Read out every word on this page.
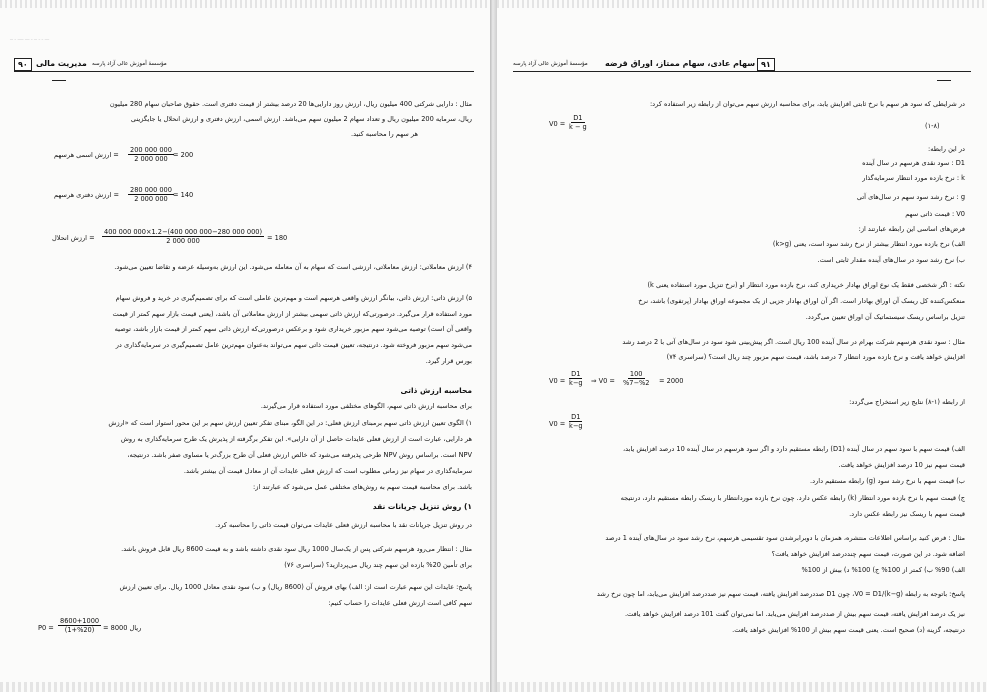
ـــ ـ ـ ــ ـ ـــ ــــ ـ ــ
۹۰	مدیریت مالی مؤسسهٔ آموزش عالی آزاد پارسه
مثال : دارایی شرکتی 400 میلیون ریال، ارزش روز دارایی‌ها 20 درصد بیشتر از قیمت دفتری است. حقوق صاحبان سهام 280 میلیون
ریال، سرمایه 200 میلیون ریال و تعداد سهام 2 میلیون سهم می‌باشد. ارزش اسمی، ارزش دفتری و ارزش انحلال یا جایگزینی
هر سهم را محاسبه کنید.
ارزش اسمی هرسهم = $\frac{200 000 000}{2 000 000} = 200$
ارزش دفتری هرسهم = $\frac{280 000 000}{2 000 000} = 140$
ارزش انحلال = $\frac{400 000 000\times 1.2-(400 000 000-280 000 000)}{2 000 000} = 180$
۴) ارزش معاملاتی: ارزش معاملاتی، ارزشی است که سهام به آن معامله می‌شود. این ارزش به‌وسیله عرضه و تقاضا تعیین می‌شود.
۵) ارزش ذاتی: ارزش ذاتی، بیانگر ارزش واقعی هرسهم است و مهم‌ترین عاملی است که برای تصمیم‌گیری در خرید و فروش سهام
مورد استفاده قرار می‌گیرد. درصورتی‌که ارزش ذاتی سهمی بیشتر از ارزش معاملاتی آن باشد، (یعنی قیمت بازار سهم کمتر از قیمت
واقعی آن است) توصیه می‌شود سهم مزبور خریداری شود و برعکس درصورتی‌که ارزش ذاتی سهم کمتر از قیمت بازار باشد، توصیه
می‌شود سهم مزبور فروخته شود. درنتیجه، تعیین قیمت ذاتی سهم می‌تواند به‌عنوان مهم‌ترین عامل تصمیم‌گیری در سرمایه‌گذاری در
بورس قرار گیرد.
محاسبه ارزش ذاتی
برای محاسبه ارزش ذاتی سهم، الگوهای مختلفی مورد استفاده قرار می‌گیرند.
۱) الگوی تعیین ارزش ذاتی سهم برمبنای ارزش فعلی: در این الگو، مبنای تفکر تعیین ارزش سهم بر این محور استوار است که «ارزش
هر دارایی، عبارت است از ارزش فعلی عایدات حاصل از آن دارایی». این تفکر برگرفته از پذیرش یک طرح سرمایه‌گذاری به روش
NPV است. براساس روش NPV طرحی پذیرفته می‌شود که خالص ارزش فعلی آن طرح بزرگ‌تر یا مساوی صفر باشد. درنتیجه،
سرمایه‌گذاری در سهام نیز زمانی مطلوب است که ارزش فعلی عایدات آن از معادل قیمت آن بیشتر باشد.
باشد. برای محاسبه قیمت سهم به روش‌های مختلفی عمل می‌شود که عبارتند از:
۱) روش تنزیل جریانات نقد
در روش تنزیل جریانات نقد با محاسبه ارزش فعلی عایدات می‌توان قیمت ذاتی را محاسبه کرد.
مثال : انتظار می‌رود هرسهم شرکتی پس از یک‌سال 1000 ریال سود نقدی داشته باشد و به قیمت 8600 ریال قابل فروش باشد.
برای تأمین 20% بازده این سهم چند ریال می‌پردازید؟ (سراسری ۷۶)
پاسخ: عایدات این سهم عبارت است از: الف) بهای فروش آن (8600 ریال) و ب) سود نقدی معادل 1000 ریال. برای تعیین ارزش
سهم کافی است ارزش فعلی عایدات را حساب کنیم:
$P0 = \frac{8600+1000}{(1+\%20)} = 8000$ ریال
مؤسسهٔ آموزش عالی آزاد پارسه سهام عادی، سهام ممتاز، اوراق قرضه ۹۱
در شرایطی که سود هر سهم با نرخ ثابتی افزایش یابد، برای محاسبه ارزش سهم می‌توان از رابطه زیر استفاده کرد:
$V0 = \frac{D1}{k - g}$	(۱-۸)
در این رابطه:
D1 : سود نقدی هرسهم در سال آینده
k : نرخ بازده مورد انتظار سرمایه‌گذار
g : نرخ رشد سود سهم در سال‌های آتی
V0 : قیمت ذاتی سهم
فرض‌های اساسی این رابطه عبارتند از:
الف) نرخ بازده مورد انتظار بیشتر از نرخ رشد سود است، یعنی (k>g)
ب) نرخ رشد سود در سال‌های آینده مقدار ثابتی است.
نکته : اگر شخصی فقط یک نوع اوراق بهادار خریداری کند، نرخ بازده مورد انتظار او (نرخ تنزیل مورد استفاده یعنی k)
منعکس‌کننده کل ریسک آن اوراق بهادار است. اگر آن اوراق بهادار جزیی از یک مجموعه اوراق بهادار (پرتفوی) باشد، نرخ
تنزیل براساس ریسک سیستماتیک آن اوراق تعیین می‌گردد.
مثال : سود نقدی هرسهم شرکت بهرام در سال آینده 100 ریال است. اگر پیش‌بینی شود سود در سال‌های آتی با 2 درصد رشد
افزایش خواهد یافت و نرخ بازده مورد انتظار 7 درصد باشد، قیمت سهم مزبور چند ریال است؟ (سراسری ۷۴)
$V0 = \frac{D1}{k-g}$ ⇒ $V0 = \frac{100}{\%7-\%2} = 2000$
از رابطه (۱-۸) نتایج زیر استخراج می‌گردد:
$V0 = \frac{D1}{k-g}$
الف) قیمت سهم با سود سهم در سال آینده (D1) رابطه مستقیم دارد و اگر سود هرسهم در سال آینده 10 درصد افزایش یابد،
قیمت سهم نیز 10 درصد افزایش خواهد یافت.
ب) قیمت سهم با نرخ رشد سود (g) رابطه مستقیم دارد.
ج) قیمت سهم با نرخ بازده مورد انتظار (k) رابطه عکس دارد. چون نرخ بازده موردانتظار با ریسک رابطه مستقیم دارد، درنتیجه
قیمت سهم با ریسک نیز رابطه عکس دارد.
مثال : فرض کنید براساس اطلاعات منتشره، همزمان با دوبرابرشدن سود تقسیمی هرسهم، نرخ رشد سود در سال‌های آینده 1 درصد
اضافه شود. در این صورت، قیمت سهم چنددرصد افزایش خواهد یافت؟
الف) 90% ب) کمتر از 100% ج) 100% د) بیش از 100%
پاسخ: باتوجه به رابطه V0 = D1/(k−g)، چون D1 صددرصد افزایش یافته، قیمت سهم نیز صددرصد افزایش می‌یابد، اما چون نرخ رشد
نیز یک درصد افزایش یافته، قیمت سهم بیش از صددرصد افزایش می‌یابد. اما نمی‌توان گفت 101 درصد افزایش خواهد یافت.
درنتیجه، گزینه (د) صحیح است. یعنی قیمت سهم بیش از 100% افزایش خواهد یافت.
